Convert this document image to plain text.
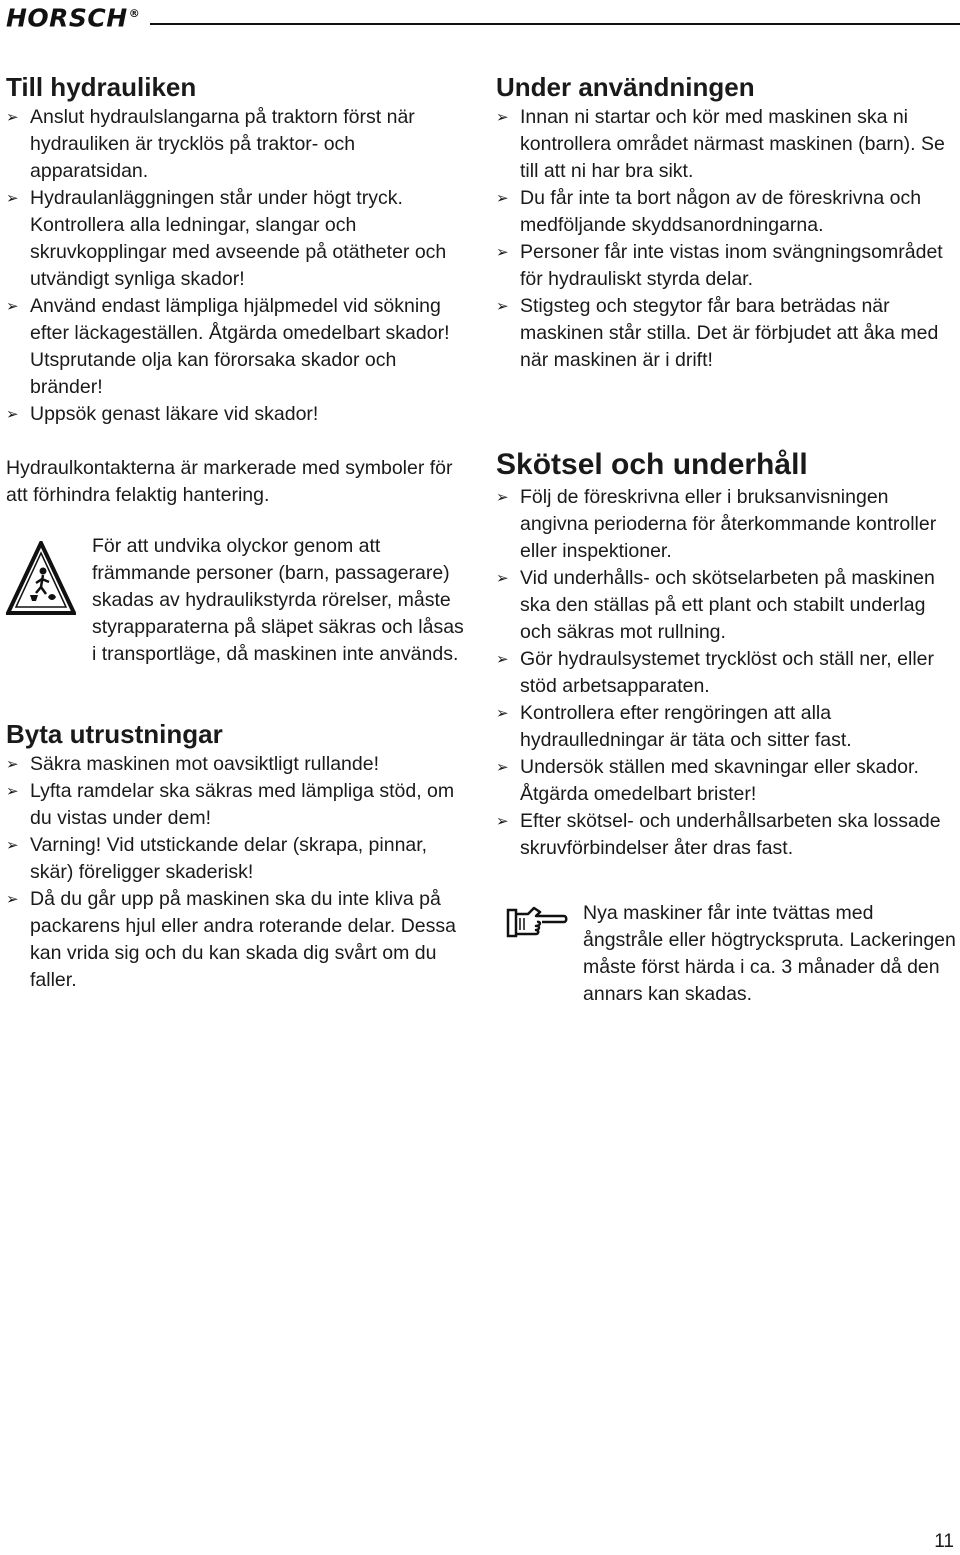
HORSCH®
Till hydrauliken
➢ Anslut hydraulslangarna på traktorn först när hydrauliken är trycklös på traktor- och apparatsidan.
➢ Hydraulanläggningen står under högt tryck. Kontrollera alla ledningar, slangar och skruvkopplingar med avseende på otätheter och utvändigt synliga skador!
➢ Använd endast lämpliga hjälpmedel vid sökning efter läckageställen. Åtgärda omedelbart skador! Utsprutande olja kan förorsaka skador och bränder!
➢ Uppsök genast läkare vid skador!

Hydraulkontakterna är markerade med symboler för att förhindra felaktig hantering.

För att undvika olyckor genom att främmande personer (barn, passagerare) skadas av hydraulikstyrda rörelser, måste styrapparaterna på släpet säkras och låsas i transportläge, då maskinen inte används.
Byta utrustningar
➢ Säkra maskinen mot oavsiktligt rullande!
➢ Lyfta ramdelar ska säkras med lämpliga stöd, om du vistas under dem!
➢ Varning! Vid utstickande delar (skrapa, pinnar, skär) föreligger skaderisk!
➢ Då du går upp på maskinen ska du inte kliva på packarens hjul eller andra roterande delar. Dessa kan vrida sig och du kan skada dig svårt om du faller.
Under användningen
➢ Innan ni startar och kör med maskinen ska ni kontrollera området närmast maskinen (barn). Se till att ni har bra sikt.
➢ Du får inte ta bort någon av de föreskrivna och medföljande skyddsanordningarna.
➢ Personer får inte vistas inom svängningsområdet för hydrauliskt styrda delar.
➢ Stigsteg och stegytor får bara beträdas när maskinen står stilla. Det är förbjudet att åka med när maskinen är i drift!
Skötsel och underhåll
➢ Följ de föreskrivna eller i bruksanvisningen angivna perioderna för återkommande kontroller eller inspektioner.
➢ Vid underhålls- och skötselarbeten på maskinen ska den ställas på ett plant och stabilt underlag och säkras mot rullning.
➢ Gör hydraulsystemet trycklöst och ställ ner, eller stöd arbetsapparaten.
➢ Kontrollera efter rengöringen att alla hydraulledningar är täta och sitter fast.
➢ Undersök ställen med skavningar eller skador. Åtgärda omedelbart brister!
➢ Efter skötsel- och underhållsarbeten ska lossade skruvförbindelser åter dras fast.
Nya maskiner får inte tvättas med ångstråle eller högtryckspruta. Lackeringen måste först härda i ca. 3 månader då den annars kan skadas.
11
